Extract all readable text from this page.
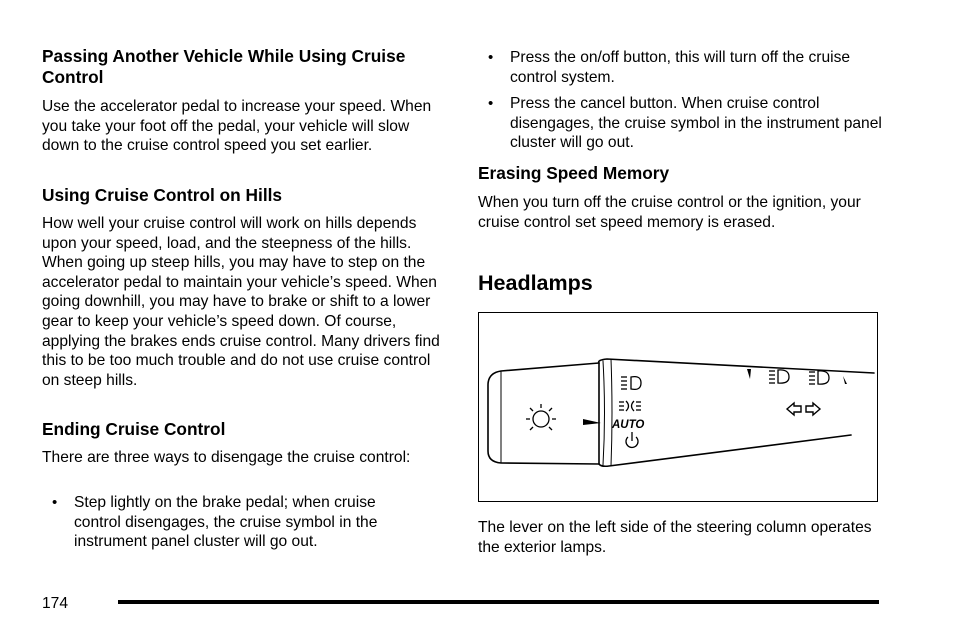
Passing Another Vehicle While Using Cruise Control
Use the accelerator pedal to increase your speed. When you take your foot off the pedal, your vehicle will slow down to the cruise control speed you set earlier.
Using Cruise Control on Hills
How well your cruise control will work on hills depends upon your speed, load, and the steepness of the hills. When going up steep hills, you may have to step on the accelerator pedal to maintain your vehicle’s speed. When going downhill, you may have to brake or shift to a lower gear to keep your vehicle’s speed down. Of course, applying the brakes ends cruise control. Many drivers find this to be too much trouble and do not use cruise control on steep hills.
Ending Cruise Control
There are three ways to disengage the cruise control:
• Step lightly on the brake pedal; when cruise control disengages, the cruise symbol in the instrument panel cluster will go out.
• Press the on/off button, this will turn off the cruise control system.
• Press the cancel button. When cruise control disengages, the cruise symbol in the instrument panel cluster will go out.
Erasing Speed Memory
When you turn off the cruise control or the ignition, your cruise control set speed memory is erased.
Headlamps
The lever on the left side of the steering column operates the exterior lamps.
AUTO
174
